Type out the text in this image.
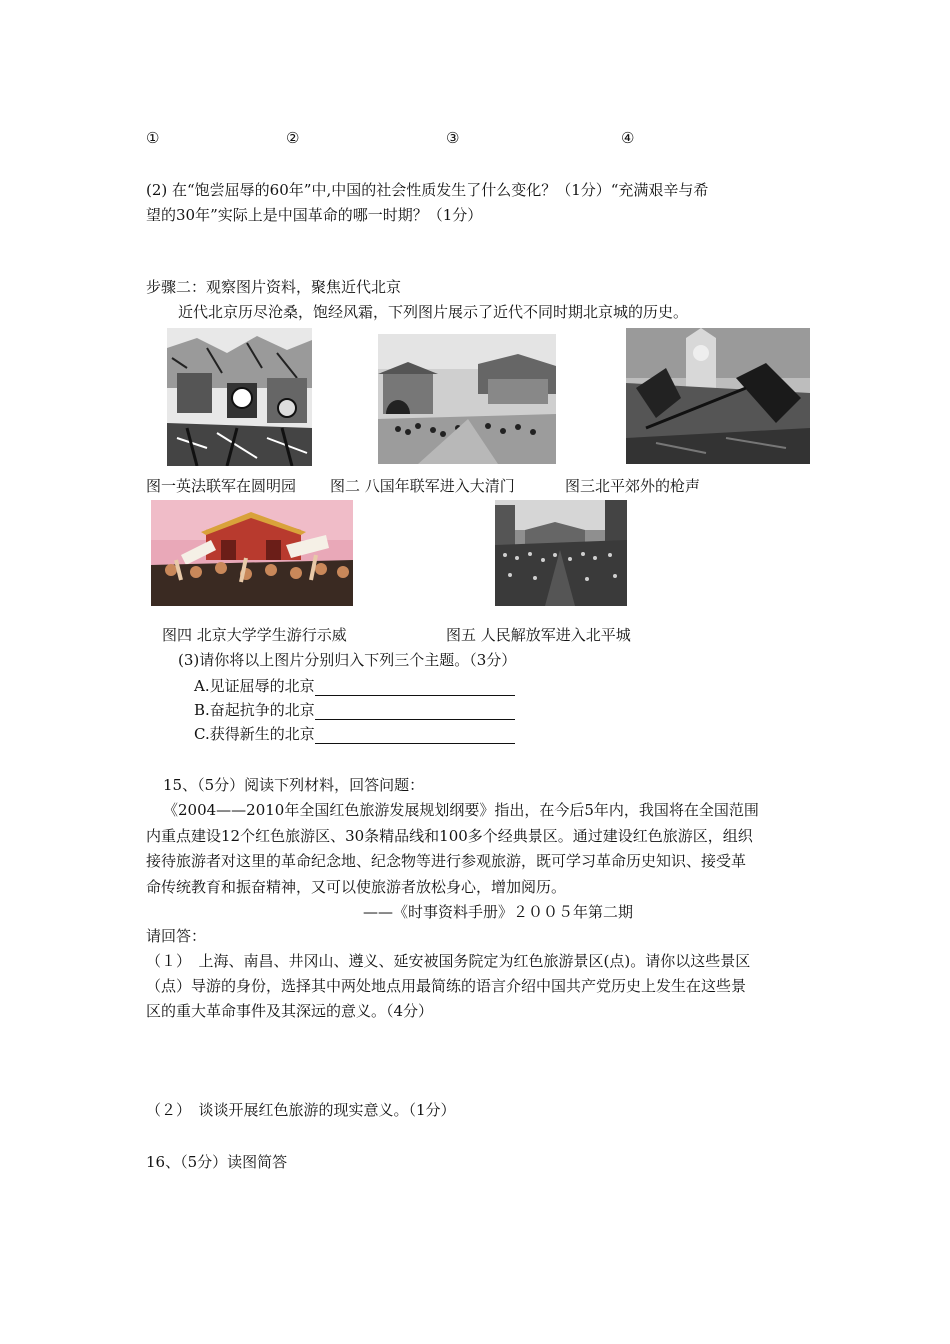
①	②	③	④
(2) 在“饱尝屈辱的60年”中,中国的社会性质发生了什么变化？（1分）“充满艰辛与希
望的30年”实际上是中国革命的哪一时期？（1分）
步骤二：观察图片资料，聚焦近代北京
近代北京历尽沧桑，饱经风霜，下列图片展示了近代不同时期北京城的历史。
图一英法联军在圆明园 图二 八国年联军进入大清门	图三北平郊外的枪声
图四 北京大学学生游行示威	图五 人民解放军进入北平城
(3)请你将以上图片分别归入下列三个主题。（3分）
A.见证屈辱的北京
B.奋起抗争的北京
C.获得新生的北京
15、（5分）阅读下列材料，回答问题：
《2004——2010年全国红色旅游发展规划纲要》指出，在今后5年内，我国将在全国范围
内重点建设12个红色旅游区、30条精品线和100多个经典景区。通过建设红色旅游区，组织
接待旅游者对这里的革命纪念地、纪念物等进行参观旅游，既可学习革命历史知识、接受革
命传统教育和振奋精神，又可以使旅游者放松身心，增加阅历。
——《时事资料手册》２００５年第二期
请回答：
（１）　上海、南昌、井冈山、遵义、延安被国务院定为红色旅游景区(点)。请你以这些景区
（点）导游的身份，选择其中两处地点用最简练的语言介绍中国共产党历史上发生在这些景
区的重大革命事件及其深远的意义。（4分）
（２）　谈谈开展红色旅游的现实意义。（1分）
16、（5分）读图简答
